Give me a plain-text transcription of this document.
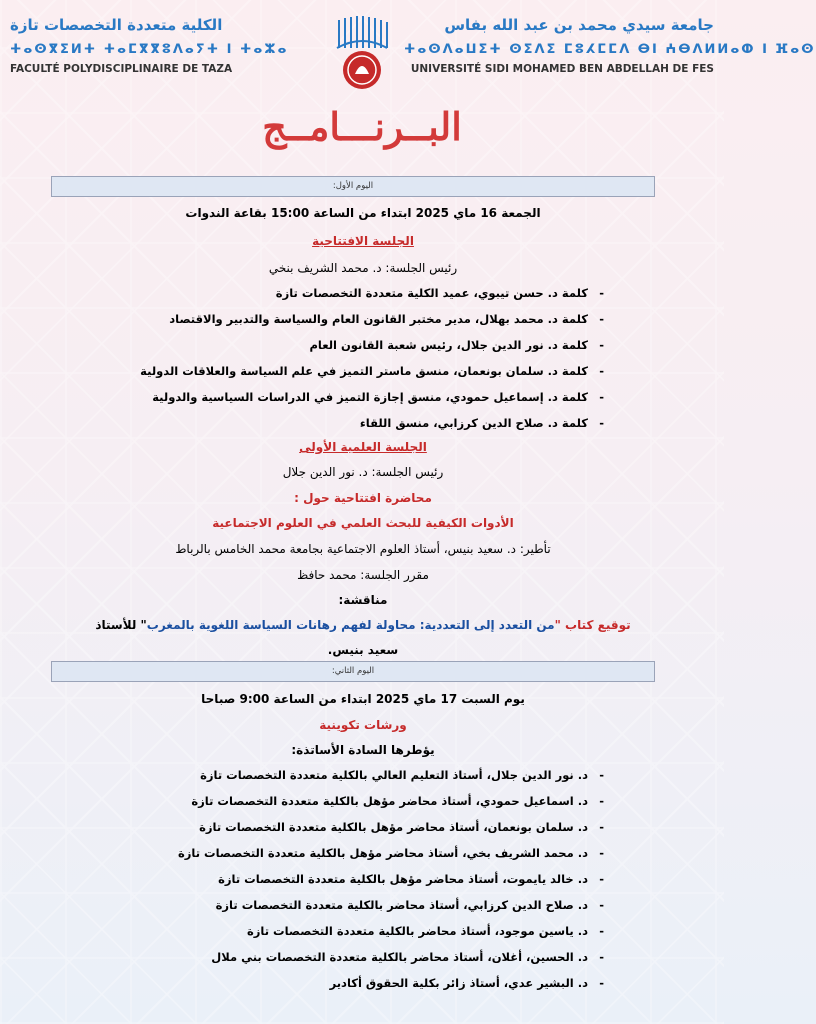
الكلية متعددة التخصصات تازة
ⵜⴰⵙⴳⵉⵍⵜ ⵜⴰⵎⴳⴳⵓⴷⴰⵢⵜ ⵏ ⵜⴰⵣⴰ
FACULTÉ POLYDISCIPLINAIRE DE TAZA
جامعة سيدي محمد بن عبد الله بفاس
ⵜⴰⵙⴷⴰⵡⵉⵜ ⵙⵉⴷⵉ ⵎⵓⵃⵎⵎⴷ ⴱⵏ ⵄⴱⴷⵍⵍⴰⵀ ⵏ ⴼⴰⵙ
UNIVERSITÉ SIDI MOHAMED BEN ABDELLAH DE FES
البــرنـــامــج
اليوم الأول:
الجمعة 16 ماي 2025 ابتداء من الساعة 15:00 بقاعة الندوات
الجلسة الافتتاحية
رئيس الجلسة: د. محمد الشريف بنخي
كلمة د. حسن تيبوي، عميد الكلية متعددة التخصصات تازة -
كلمة د. محمد بهلال، مدير مختبر القانون العام والسياسة والتدبير والاقتصاد -
كلمة د. نور الدين جلال، رئيس شعبة القانون العام -
كلمة د. سلمان بونعمان، منسق ماستر التميز في علم السياسة والعلاقات الدولية -
كلمة د. إسماعيل حمودي، منسق إجازة التميز في الدراسات السياسية والدولية -
كلمة د. صلاح الدين كرزابي، منسق اللقاء -
الجلسة العلمية الأولى
رئيس الجلسة: د. نور الدين جلال
محاضرة افتتاحية حول :
الأدوات الكيفية للبحث العلمي في العلوم الاجتماعية
تأطير: د. سعيد بنيس، أستاذ العلوم الاجتماعية بجامعة محمد الخامس بالرباط
مقرر الجلسة: محمد حافظ
مناقشة:
توقيع كتاب "من التعدد إلى التعددية: محاولة لفهم رهانات السياسة اللغوية بالمغرب" للأستاذ
سعيد بنيس.
اليوم الثاني:
يوم السبت 17 ماي 2025 ابتداء من الساعة 9:00 صباحا
ورشات تكوينية
يؤطرها السادة الأساتذة:
د. نور الدين جلال، أستاذ التعليم العالي بالكلية متعددة التخصصات تازة -
د. اسماعيل حمودي، أستاذ محاضر مؤهل بالكلية متعددة التخصصات تازة -
د. سلمان بونعمان، أستاذ محاضر مؤهل بالكلية متعددة التخصصات تازة -
د. محمد الشريف بخي، أستاذ محاضر مؤهل بالكلية متعددة التخصصات تازة -
د. خالد يايموت، أستاذ محاضر مؤهل بالكلية متعددة التخصصات تازة -
د. صلاح الدين كرزابي، أستاذ محاضر بالكلية متعددة التخصصات تازة -
د. ياسين موجود، أستاذ محاضر بالكلية متعددة التخصصات تازة -
د. الحسين، أغلان، أستاذ محاضر بالكلية متعددة التخصصات بني ملال -
د. البشير عدي، أستاذ زائر بكلية الحقوق أكادير -
